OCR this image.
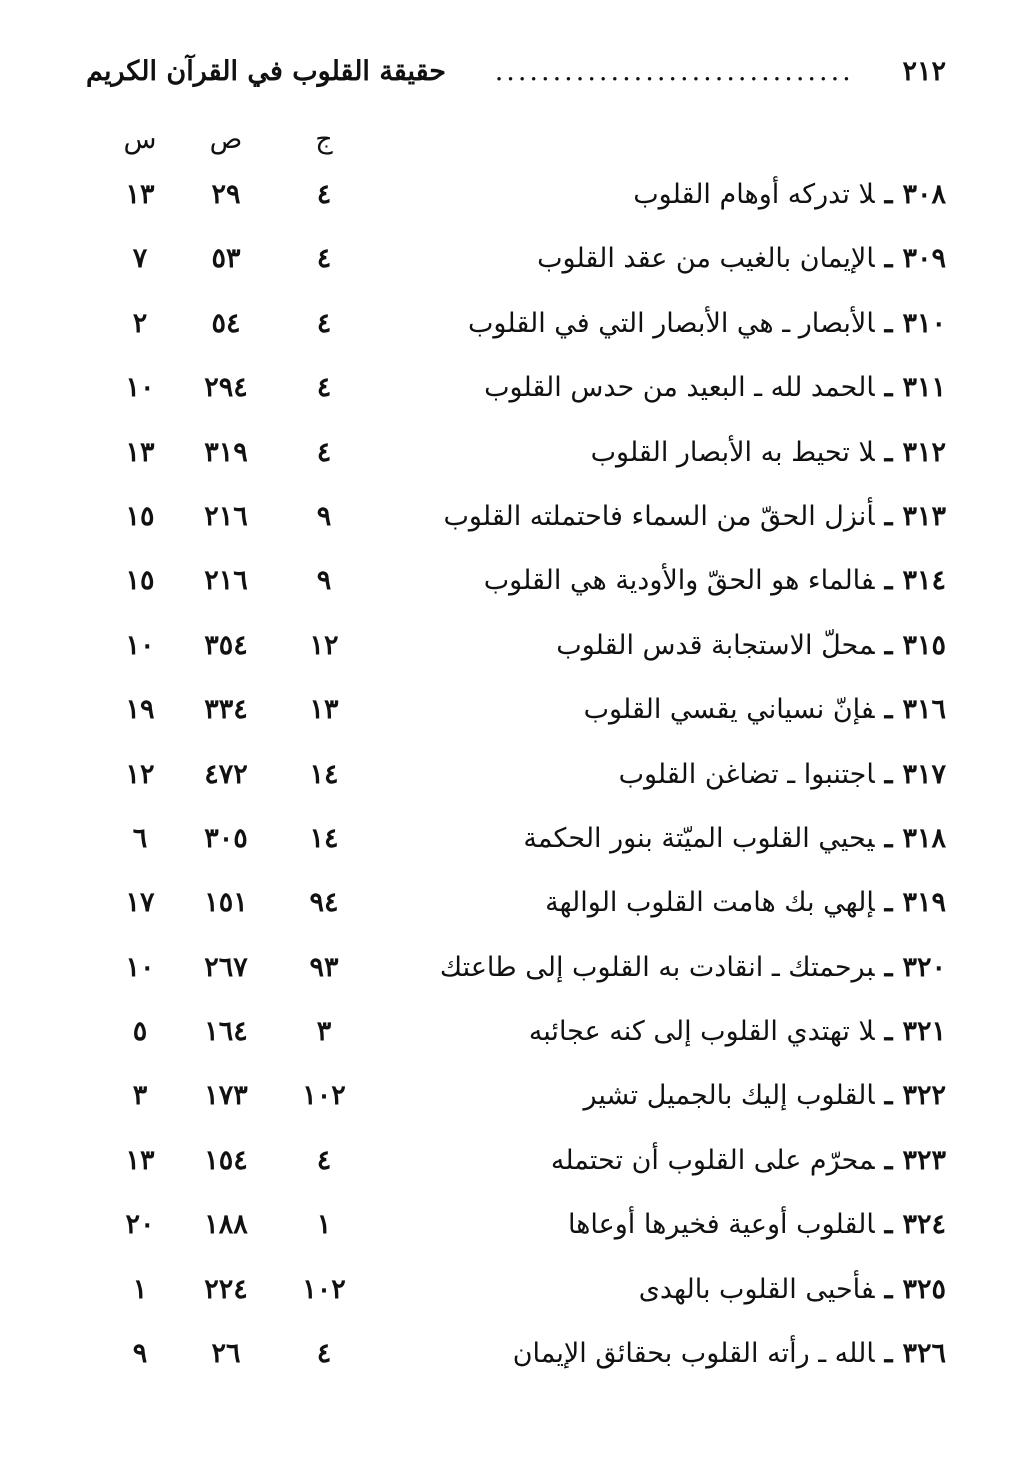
٢١٢
...............................
حقيقة القلوب في القرآن الكريم
ج
ص
س
٣٠٨ـلا تدركه أوهام القلوب
٤
٢٩
١٣
٣٠٩ـالإيمان بالغيب من عقد القلوب
٤
٥٣
٧
٣١٠ـالأبصار ـ هي الأبصار التي في القلوب
٤
٥٤
٢
٣١١ـالحمد لله ـ البعيد من حدس القلوب
٤
٢٩٤
١٠
٣١٢ـلا تحيط به الأبصار القلوب
٤
٣١٩
١٣
٣١٣ـأنزل الحقّ من السماء فاحتملته القلوب
٩
٢١٦
١٥
٣١٤ـفالماء هو الحقّ والأودية هي القلوب
٩
٢١٦
١٥
٣١٥ـمحلّ الاستجابة قدس القلوب
١٢
٣٥٤
١٠
٣١٦ـفإنّ نسياني يقسي القلوب
١٣
٣٣٤
١٩
٣١٧ـاجتنبوا ـ تضاغن القلوب
١٤
٤٧٢
١٢
٣١٨ـيحيي القلوب الميّتة بنور الحكمة
١٤
٣٠٥
٦
٣١٩ـإلهي بك هامت القلوب الوالهة
٩٤
١٥١
١٧
٣٢٠ـبرحمتك ـ انقادت به القلوب إلى طاعتك
٩٣
٢٦٧
١٠
٣٢١ـلا تهتدي القلوب إلى كنه عجائبه
٣
١٦٤
٥
٣٢٢ـالقلوب إليك بالجميل تشير
١٠٢
١٧٣
٣
٣٢٣ـمحرّم على القلوب أن تحتمله
٤
١٥٤
١٣
٣٢٤ـالقلوب أوعية فخيرها أوعاها
١
١٨٨
٢٠
٣٢٥ـفأحيى القلوب بالهدى
١٠٢
٢٢٤
١
٣٢٦ـالله ـ رأته القلوب بحقائق الإيمان
٤
٢٦
٩
